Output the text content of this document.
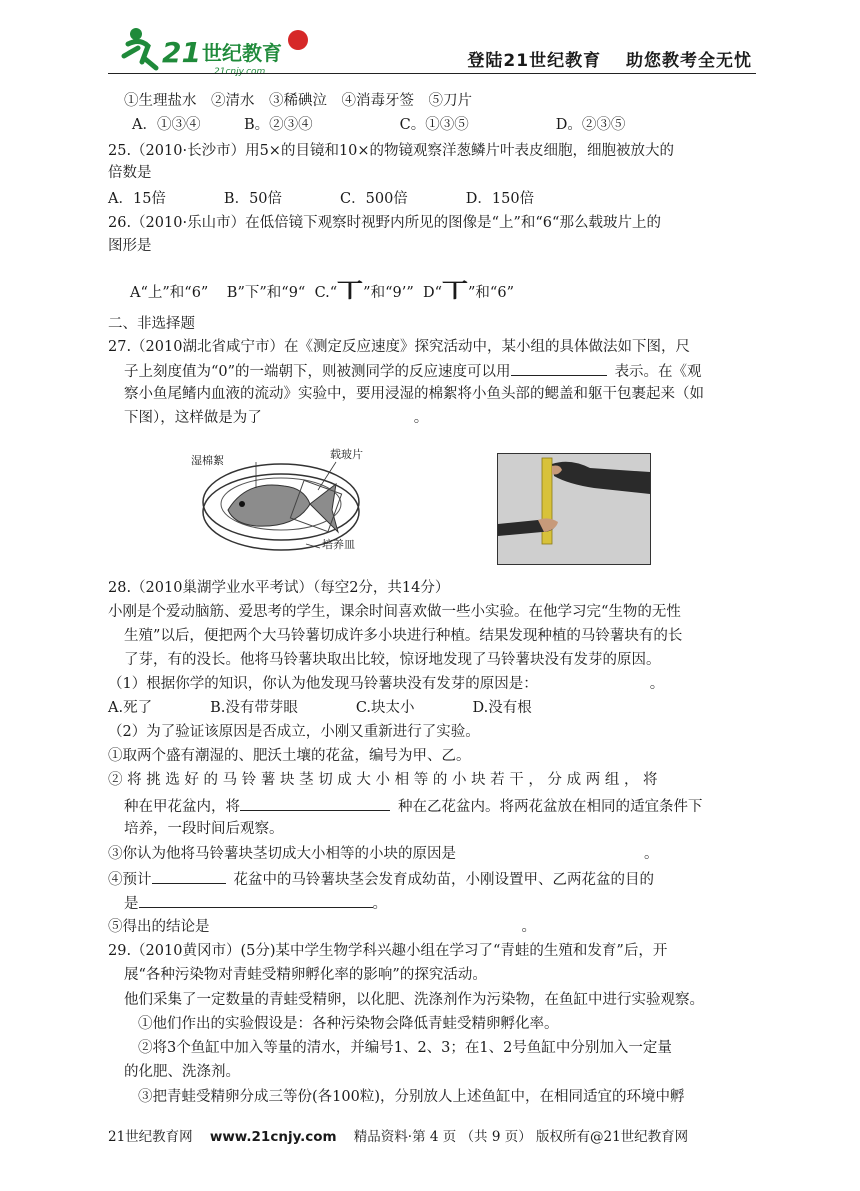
21 世纪教育
21cnjy.com
登陆21世纪教育　 助您教考全无忧
①生理盐水　②清水　③稀碘泣　④消毒牙签　⑤刀片
A．①③④　　　B。②③④　　　　　　C。①③⑤　　　　　　D。②③⑤
25.（2010·长沙市）用5×的目镜和10×的物镜观察洋葱鳞片叶表皮细胞，细胞被放大的
倍数是
A．15倍　　　　B．50倍　　　　C．500倍　　　　D．150倍
26.（2010·乐山市）在低倍镜下观察时视野内所见的图像是“上”和“6“那么载玻片上的
图形是
A“上”和“6” B”下”和“9“ C.“丅”和“9’” D“丅”和“6”
二、非选择题
27.（2010湖北省咸宁市）在《测定反应速度》探究活动中，某小组的具体做法如下图，尺
子上刻度值为“0”的一端朝下，则被测同学的反应速度可以用	表示。在《观
察小鱼尾鳍内血液的流动》实验中，要用浸湿的棉絮将小鱼头部的鳃盖和躯干包裹起来（如
下图），这样做是为了	。
湿棉絮	载玻片
培养皿
28.（2010巢湖学业水平考试）（每空2分，共14分）
小刚是个爱动脑筋、爱思考的学生，课余时间喜欢做一些小实验。在他学习完“生物的无性
生殖”以后，便把两个大马铃薯切成许多小块进行种植。结果发现种植的马铃薯块有的长
了芽，有的没长。他将马铃薯块取出比较，惊讶地发现了马铃薯块没有发芽的原因。
（1）根据你学的知识，你认为他发现马铃薯块没有发芽的原因是：	。
A.死了　　　　B.没有带芽眼　　　　C.块太小　　　　D.没有根
（2）为了验证该原因是否成立，小刚又重新进行了实验。
①取两个盛有潮湿的、肥沃土壤的花盆，编号为甲、乙。
② 将 挑 选 好 的 马 铃 薯 块 茎 切 成 大 小 相 等 的 小 块 若 干 ， 分 成 两 组 ， 将
种在甲花盆内，将	种在乙花盆内。将两花盆放在相同的适宜条件下
培养，一段时间后观察。
③你认为他将马铃薯块茎切成大小相等的小块的原因是	。
④预计	花盆中的马铃薯块茎会发育成幼苗，小刚设置甲、乙两花盆的目的
是	。
⑤得出的结论是	。
29.（2010黄冈市）(5分)某中学生物学科兴趣小组在学习了“青蛙的生殖和发育”后，开
展“各种污染物对青蛙受精卵孵化率的影响”的探究活动。
他们采集了一定数量的青蛙受精卵，以化肥、洗涤剂作为污染物，在鱼缸中进行实验观察。
①他们作出的实验假设是：各种污染物会降低青蛙受精卵孵化率。
②将3个鱼缸中加入等量的清水，并编号1、2、3；在1、2号鱼缸中分别加入一定量
的化肥、洗涤剂。
③把青蛙受精卵分成三等份(各100粒)，分别放人上述鱼缸中，在相同适宜的环境中孵
21世纪教育网 www.21cnjy.com 精品资料·第 4 页 （共 9 页） 版权所有@21世纪教育网
